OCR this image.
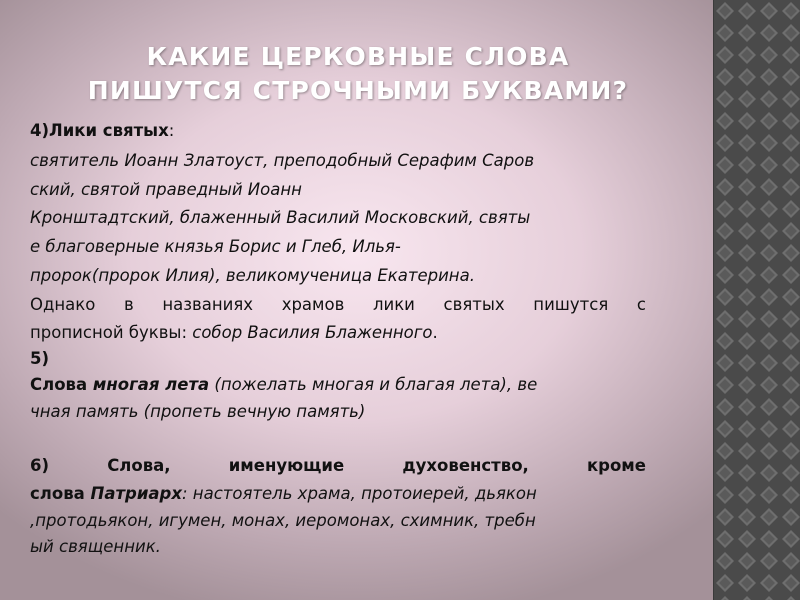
КАКИЕ ЦЕРКОВНЫЕ СЛОВА
ПИШУТСЯ СТРОЧНЫМИ БУКВАМИ?
4)Лики святых:
святитель Иоанн Златоуст, преподобный Серафим Саров
ский, святой праведный Иоанн
Кронштадтский, блаженный Василий Московский, святы
е благоверные князья Борис и Глеб, Илья-
пророк(пророк Илия), великомученица Екатерина.
Однако в названиях храмов лики святых пишутся с
прописной буквы: собор Василия Блаженного.
5)
Слова многая лета (пожелать многая и благая лета), ве
чная память (пропеть вечную память)
6)	Слова,	именующие	духовенство,	кроме
слова Патриарх: настоятель храма, протоиерей, дьякон
,протодьякон, игумен, монах, иеромонах, схимник, требн
ый священник.
